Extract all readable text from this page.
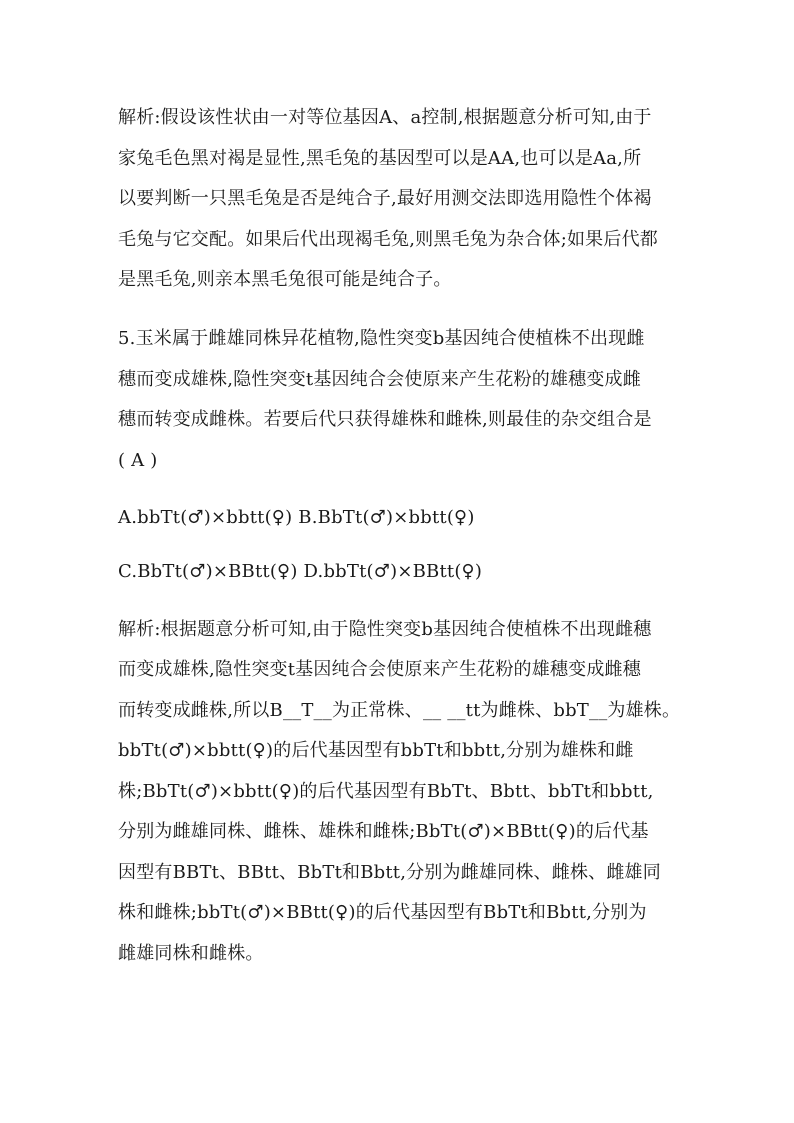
解析:假设该性状由一对等位基因A、a控制,根据题意分析可知,由于
家兔毛色黑对褐是显性,黑毛兔的基因型可以是AA,也可以是Aa,所
以要判断一只黑毛兔是否是纯合子,最好用测交法即选用隐性个体褐
毛兔与它交配。如果后代出现褐毛兔,则黑毛兔为杂合体;如果后代都
是黑毛兔,则亲本黑毛兔很可能是纯合子。
5.玉米属于雌雄同株异花植物,隐性突变b基因纯合使植株不出现雌
穗而变成雄株,隐性突变t基因纯合会使原来产生花粉的雄穗变成雌
穗而转变成雌株。若要后代只获得雄株和雌株,则最佳的杂交组合是
( A )
A.bbTt(♂)×bbtt(♀) B.BbTt(♂)×bbtt(♀)
C.BbTt(♂)×BBtt(♀) D.bbTt(♂)×BBtt(♀)
解析:根据题意分析可知,由于隐性突变b基因纯合使植株不出现雌穗
而变成雄株,隐性突变t基因纯合会使原来产生花粉的雄穗变成雌穗
而转变成雌株,所以B__T__为正常株、__ __tt为雌株、bbT__为雄株。
bbTt(♂)×bbtt(♀)的后代基因型有bbTt和bbtt,分别为雄株和雌
株;BbTt(♂)×bbtt(♀)的后代基因型有BbTt、Bbtt、bbTt和bbtt,
分别为雌雄同株、雌株、雄株和雌株;BbTt(♂)×BBtt(♀)的后代基
因型有BBTt、BBtt、BbTt和Bbtt,分别为雌雄同株、雌株、雌雄同
株和雌株;bbTt(♂)×BBtt(♀)的后代基因型有BbTt和Bbtt,分别为
雌雄同株和雌株。
